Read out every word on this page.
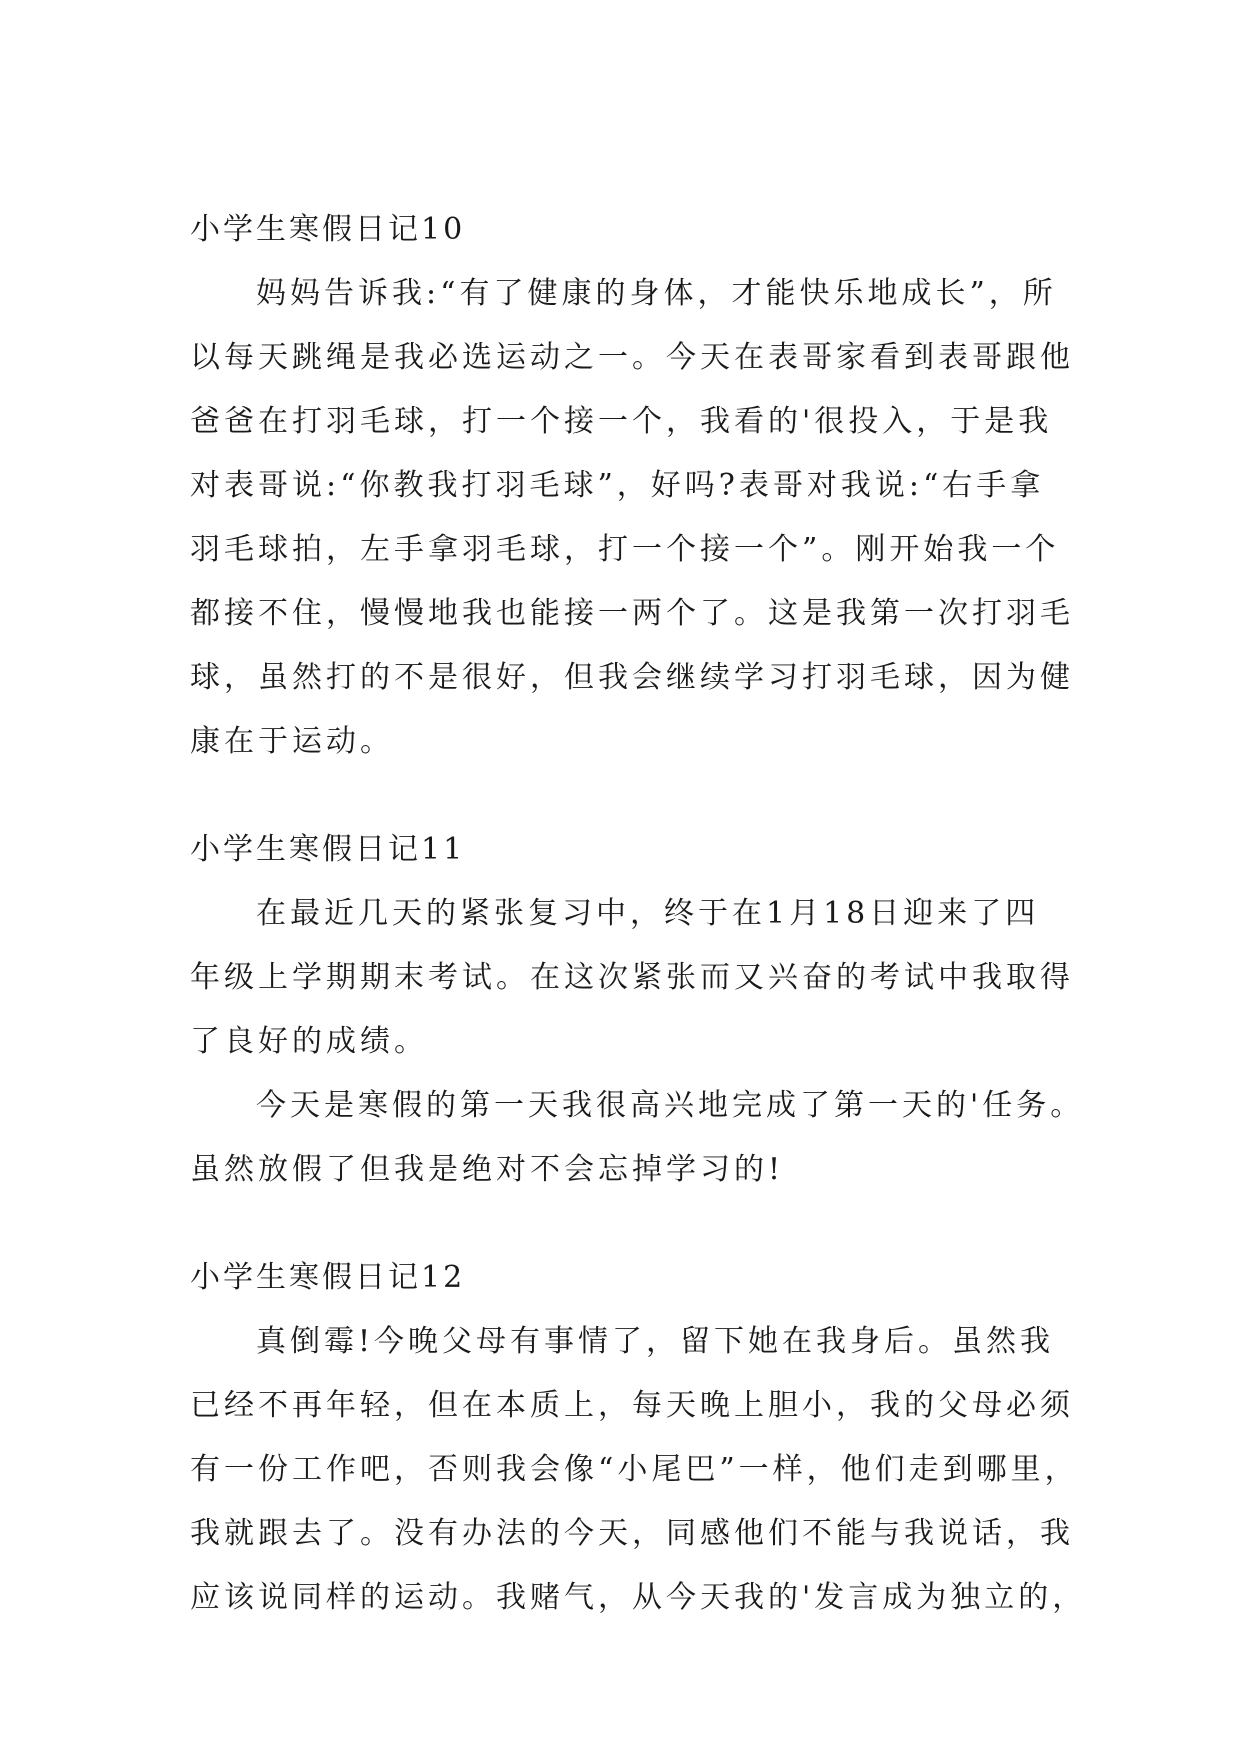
小学生寒假日记10
妈妈告诉我:“有了健康的身体，才能快乐地成长”，所
以每天跳绳是我必选运动之一。今天在表哥家看到表哥跟他
爸爸在打羽毛球，打一个接一个，我看的'很投入，于是我
对表哥说:“你教我打羽毛球”，好吗?表哥对我说:“右手拿
羽毛球拍，左手拿羽毛球，打一个接一个”。刚开始我一个
都接不住，慢慢地我也能接一两个了。这是我第一次打羽毛
球，虽然打的不是很好，但我会继续学习打羽毛球，因为健
康在于运动。
小学生寒假日记11
在最近几天的紧张复习中，终于在1月18日迎来了四
年级上学期期末考试。在这次紧张而又兴奋的考试中我取得
了良好的成绩。
今天是寒假的第一天我很高兴地完成了第一天的'任务。
虽然放假了但我是绝对不会忘掉学习的!
小学生寒假日记12
真倒霉!今晚父母有事情了，留下她在我身后。虽然我
已经不再年轻，但在本质上，每天晚上胆小，我的父母必须
有一份工作吧，否则我会像“小尾巴”一样，他们走到哪里，
我就跟去了。没有办法的今天，同感他们不能与我说话，我
应该说同样的运动。我赌气，从今天我的'发言成为独立的，
